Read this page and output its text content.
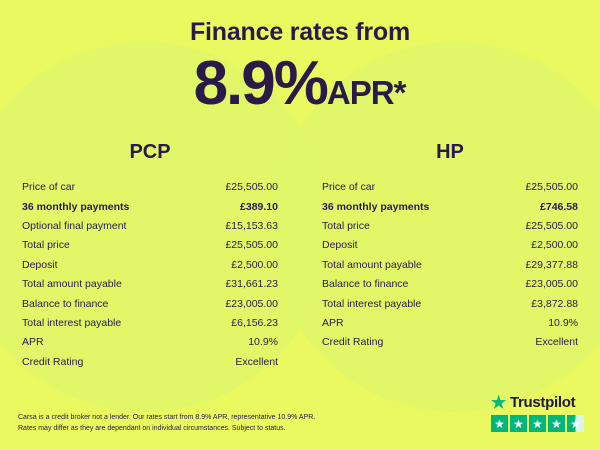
Finance rates from
8.9%APR*
PCP
Price of car	£25,505.00
36 monthly payments	£389.10
Optional final payment	£15,153.63
Total price	£25,505.00
Deposit	£2,500.00
Total amount payable	£31,661.23
Balance to finance	£23,005.00
Total interest payable	£6,156.23
APR	10.9%
Credit Rating	Excellent
HP
Price of car	£25,505.00
36 monthly payments	£746.58
Total price	£25,505.00
Deposit	£2,500.00
Total amount payable	£29,377.88
Balance to finance	£23,005.00
Total interest payable	£3,872.88
APR	10.9%
Credit Rating	Excellent
Carsa is a credit broker not a lender. Our rates start from 8.9% APR, representative 10.9% APR.
Rates may differ as they are dependant on individual circumstances. Subject to status.
★ Trustpilot
★ ★ ★ ★ ★
